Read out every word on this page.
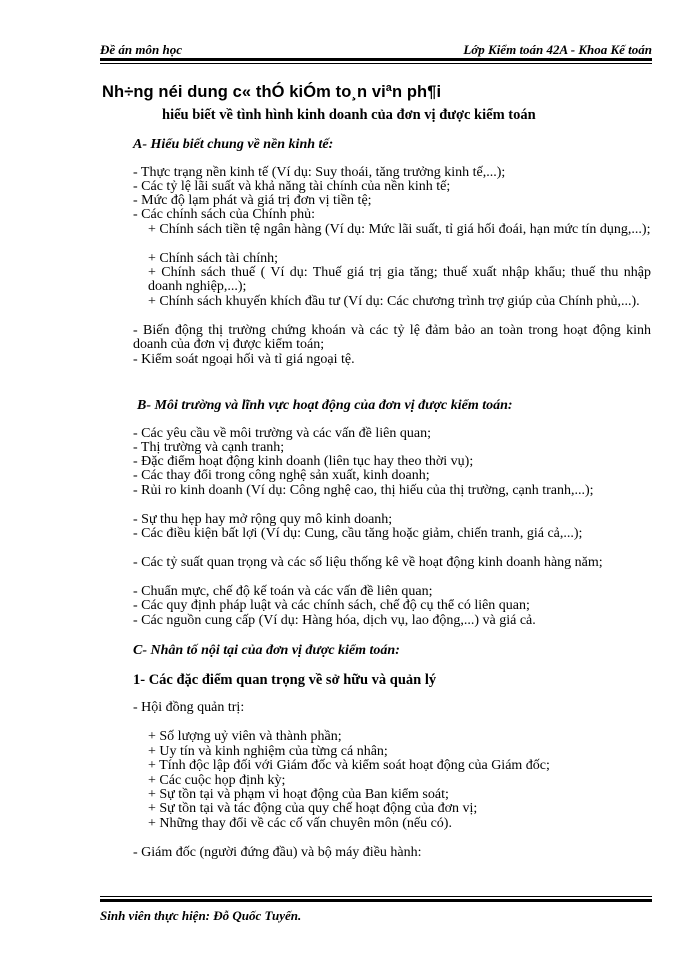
Đề án môn học	Lớp Kiểm toán 42A - Khoa Kế toán
Nh÷ng néi dung c« thÓ kiÓm to¸n viªn ph¶i
hiểu biết về tình hình kinh doanh của đơn vị được kiểm toán
A- Hiểu biết chung về nền kinh tế:
- Thực trạng nền kinh tế (Ví dụ: Suy thoái, tăng trưởng kinh tế,...);
- Các tỷ lệ lãi suất và khả năng tài chính của nền kinh tế;
- Mức độ lạm phát và giá trị đơn vị tiền tệ;
- Các chính sách của Chính phủ:
+ Chính sách tiền tệ ngân hàng (Ví dụ: Mức lãi suất, tỉ giá hối đoái, hạn mức tín dụng,...);
+ Chính sách tài chính;
+ Chính sách thuế ( Ví dụ: Thuế giá trị gia tăng; thuế xuất nhập khẩu; thuế thu nhập doanh nghiệp,...);
+ Chính sách khuyến khích đầu tư (Ví dụ: Các chương trình trợ giúp của Chính phủ,...).
- Biến động thị trường chứng khoán và các tỷ lệ đảm bảo an toàn trong hoạt động kinh doanh của đơn vị được kiểm toán;
- Kiểm soát ngoại hối và tỉ giá ngoại tệ.
B- Môi trường và lĩnh vực hoạt động của đơn vị được kiểm toán:
- Các yêu cầu về môi trường và các vấn đề liên quan;
- Thị trường và cạnh tranh;
- Đặc điểm hoạt động kinh doanh (liên tục hay theo thời vụ);
- Các thay đổi trong công nghệ sản xuất, kinh doanh;
- Rủi ro kinh doanh (Ví dụ: Công nghệ cao, thị hiếu của thị trường, cạnh tranh,...);
- Sự thu hẹp hay mở rộng quy mô kinh doanh;
- Các điều kiện bất lợi (Ví dụ: Cung, cầu tăng hoặc giảm, chiến tranh, giá cả,...);
- Các tỷ suất quan trọng và các số liệu thống kê về hoạt động kinh doanh hàng năm;
- Chuẩn mực, chế độ kế toán và các vấn đề liên quan;
- Các quy định pháp luật và các chính sách, chế độ cụ thể có liên quan;
- Các nguồn cung cấp (Ví dụ: Hàng hóa, dịch vụ, lao động,...) và giá cả.
C- Nhân tố nội tại của đơn vị được kiểm toán:
1- Các đặc điểm quan trọng về sở hữu và quản lý
- Hội đồng quản trị:
+ Số lượng uỷ viên và thành phần;
+ Uy tín và kinh nghiệm của từng cá nhân;
+ Tính độc lập đối với Giám đốc và kiểm soát hoạt động của Giám đốc;
+ Các cuộc họp định kỳ;
+ Sự tồn tại và phạm vi hoạt động của Ban kiểm soát;
+ Sự tồn tại và tác động của quy chế hoạt động của đơn vị;
+ Những thay đổi về các cố vấn chuyên môn (nếu có).
- Giám đốc (người đứng đầu) và bộ máy điều hành:
Sinh viên thực hiện: Đỗ Quốc Tuyến.
